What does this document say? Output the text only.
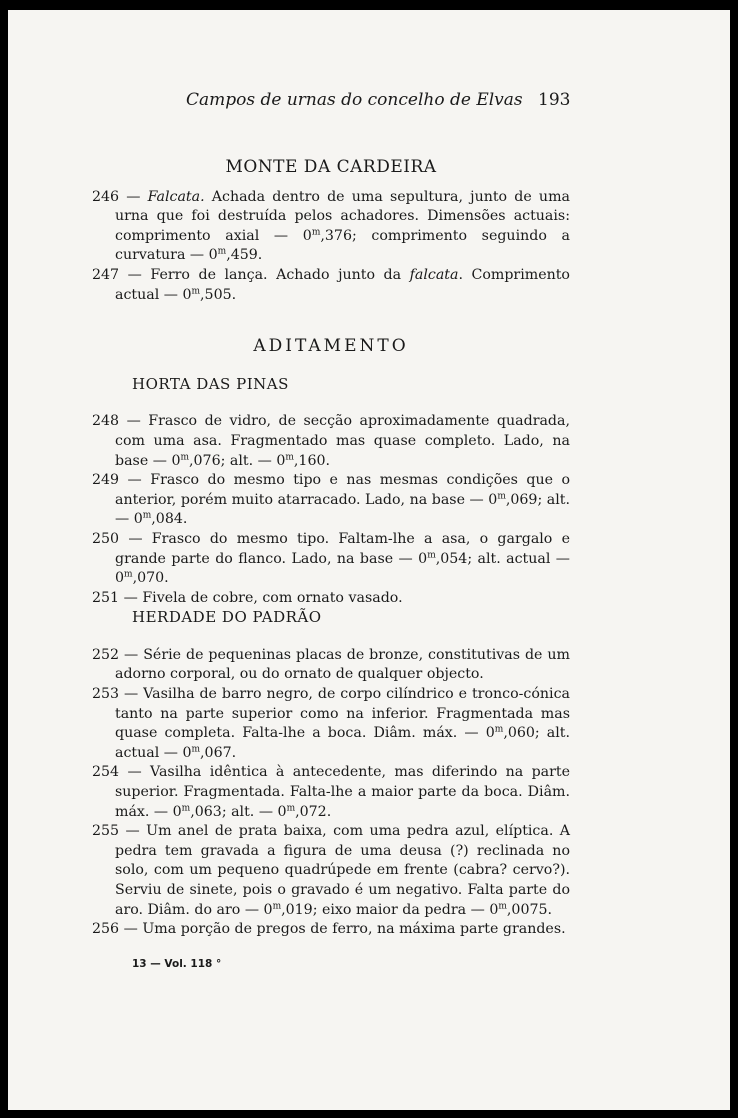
Campos de urnas do concelho de Elvas 193

MONTE DA CARDEIRA

246 — Falcata. Achada dentro de uma sepultura, junto de uma urna que foi destruída pelos achadores. Dimensões actuais: comprimento axial — 0$^m$,376; comprimento seguindo a curvatura — 0$^m$,459.

247 — Ferro de lança. Achado junto da falcata. Comprimento actual — 0$^m$,505.

ADITAMENTO

HORTA DAS PINAS

248 — Frasco de vidro, de secção aproximadamente quadrada, com uma asa. Fragmentado mas quase completo. Lado, na base — 0$^m$,076; alt. — 0$^m$,160.

249 — Frasco do mesmo tipo e nas mesmas condições que o anterior, porém muito atarracado. Lado, na base — 0$^m$,069; alt. — 0$^m$,084.

250 — Frasco do mesmo tipo. Faltam-lhe a asa, o gargalo e grande parte do flanco. Lado, na base — 0$^m$,054; alt. actual — 0$^m$,070.

251 — Fivela de cobre, com ornato vasado.

HERDADE DO PADRÃO

252 — Série de pequeninas placas de bronze, constitutivas de um adorno corporal, ou do ornato de qualquer objecto.

253 — Vasilha de barro negro, de corpo cilíndrico e tronco-cónica tanto na parte superior como na inferior. Fragmentada mas quase completa. Falta-lhe a boca. Diâm. máx. — 0$^m$,060; alt. actual — 0$^m$,067.

254 — Vasilha idêntica à antecedente, mas diferindo na parte superior. Fragmentada. Falta-lhe a maior parte da boca. Diâm. máx. — 0$^m$,063; alt. — 0$^m$,072.

255 — Um anel de prata baixa, com uma pedra azul, elíptica. A pedra tem gravada a figura de uma deusa (?) reclinada no solo, com um pequeno quadrúpede em frente (cabra? cervo?). Serviu de sinete, pois o gravado é um negativo. Falta parte do aro. Diâm. do aro — 0$^m$,019; eixo maior da pedra — 0$^m$,0075.

256 — Uma porção de pregos de ferro, na máxima parte grandes.

13 — Vol. 118 °
